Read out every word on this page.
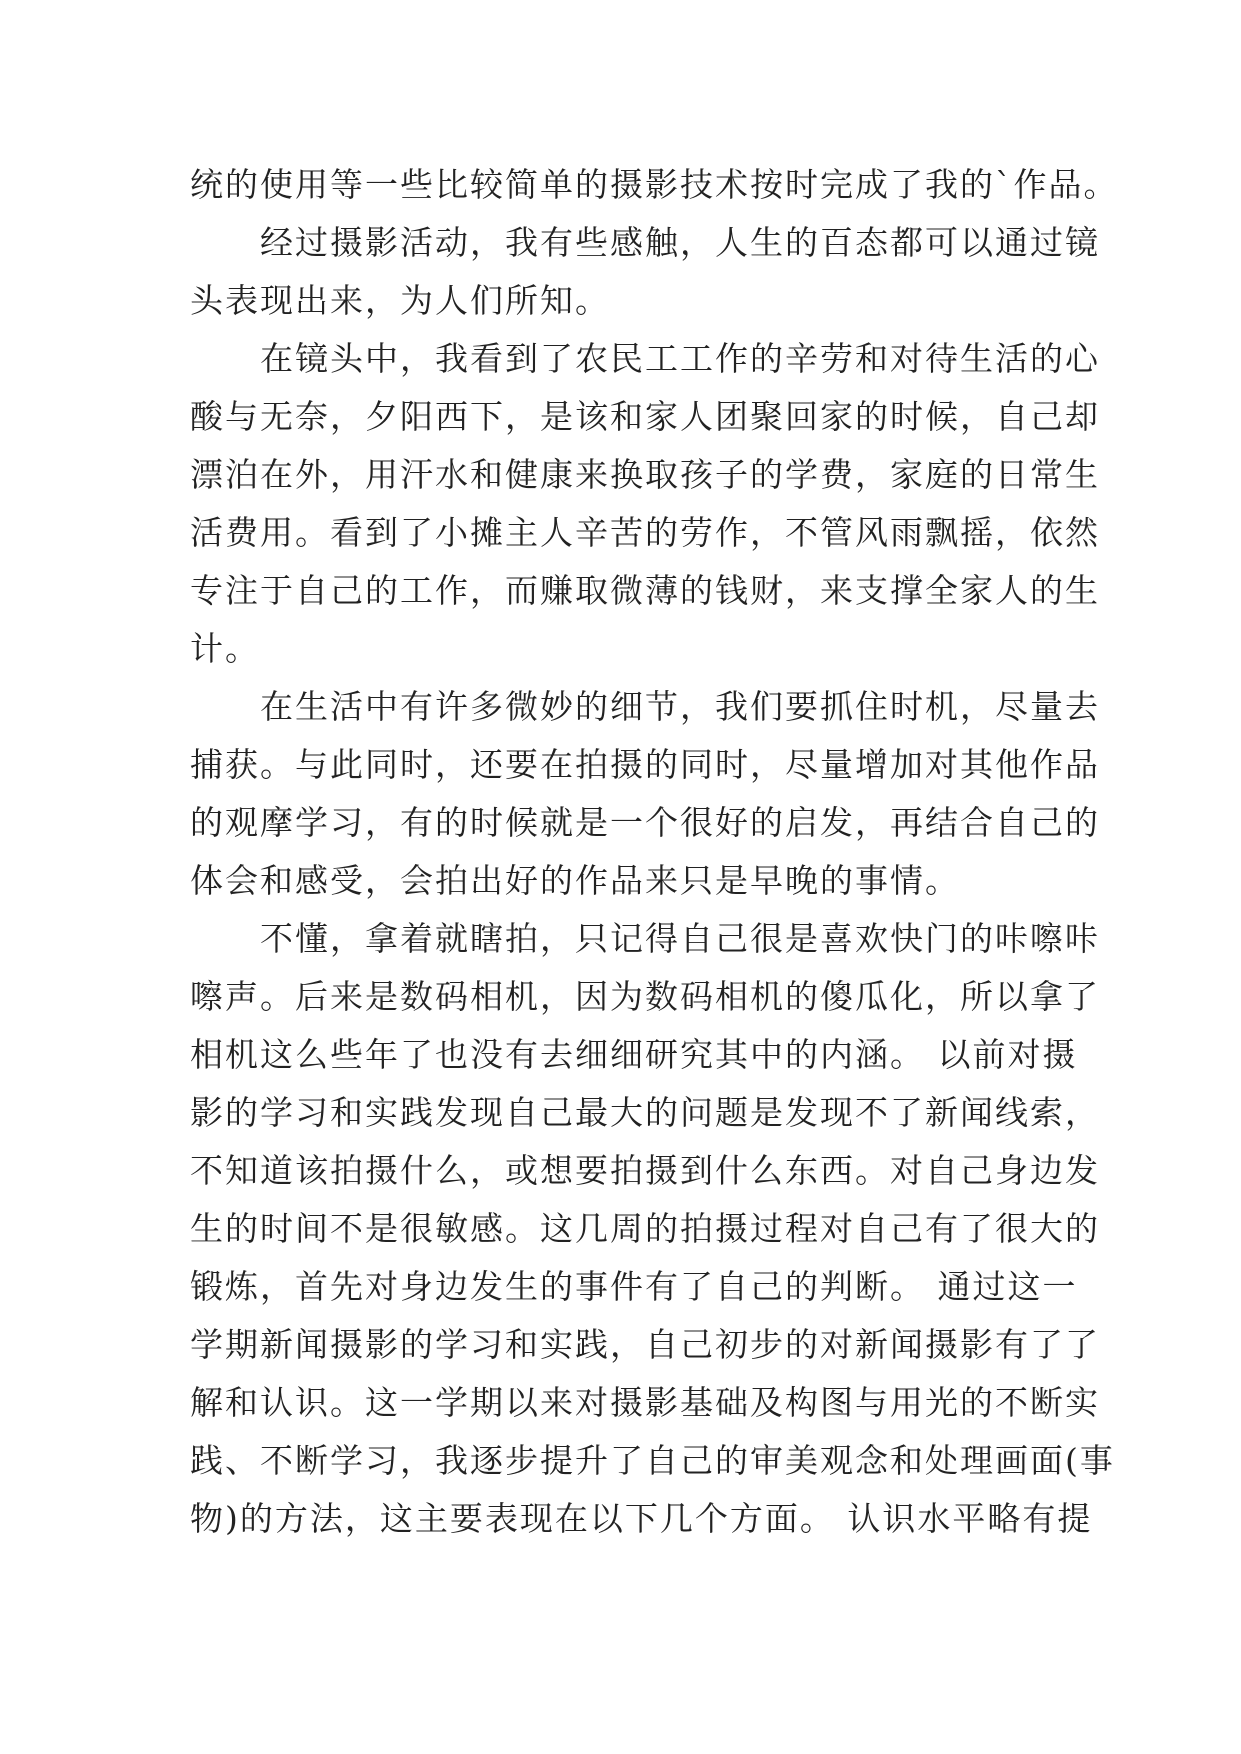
统的使用等一些比较简单的摄影技术按时完成了我的`作品。
　　经过摄影活动，我有些感触，人生的百态都可以通过镜
头表现出来，为人们所知。
　　在镜头中，我看到了农民工工作的辛劳和对待生活的心
酸与无奈，夕阳西下，是该和家人团聚回家的时候，自己却
漂泊在外，用汗水和健康来换取孩子的学费，家庭的日常生
活费用。看到了小摊主人辛苦的劳作，不管风雨飘摇，依然
专注于自己的工作，而赚取微薄的钱财，来支撑全家人的生
计。
　　在生活中有许多微妙的细节，我们要抓住时机，尽量去
捕获。与此同时，还要在拍摄的同时，尽量增加对其他作品
的观摩学习，有的时候就是一个很好的启发，再结合自己的
体会和感受，会拍出好的作品来只是早晚的事情。
　　不懂，拿着就瞎拍，只记得自己很是喜欢快门的咔嚓咔
嚓声。后来是数码相机，因为数码相机的傻瓜化，所以拿了
相机这么些年了也没有去细细研究其中的内涵。 以前对摄
影的学习和实践发现自己最大的问题是发现不了新闻线索，
不知道该拍摄什么，或想要拍摄到什么东西。对自己身边发
生的时间不是很敏感。这几周的拍摄过程对自己有了很大的
锻炼，首先对身边发生的事件有了自己的判断。 通过这一
学期新闻摄影的学习和实践，自己初步的对新闻摄影有了了
解和认识。这一学期以来对摄影基础及构图与用光的不断实
践、不断学习，我逐步提升了自己的审美观念和处理画面(事
物)的方法，这主要表现在以下几个方面。 认识水平略有提
